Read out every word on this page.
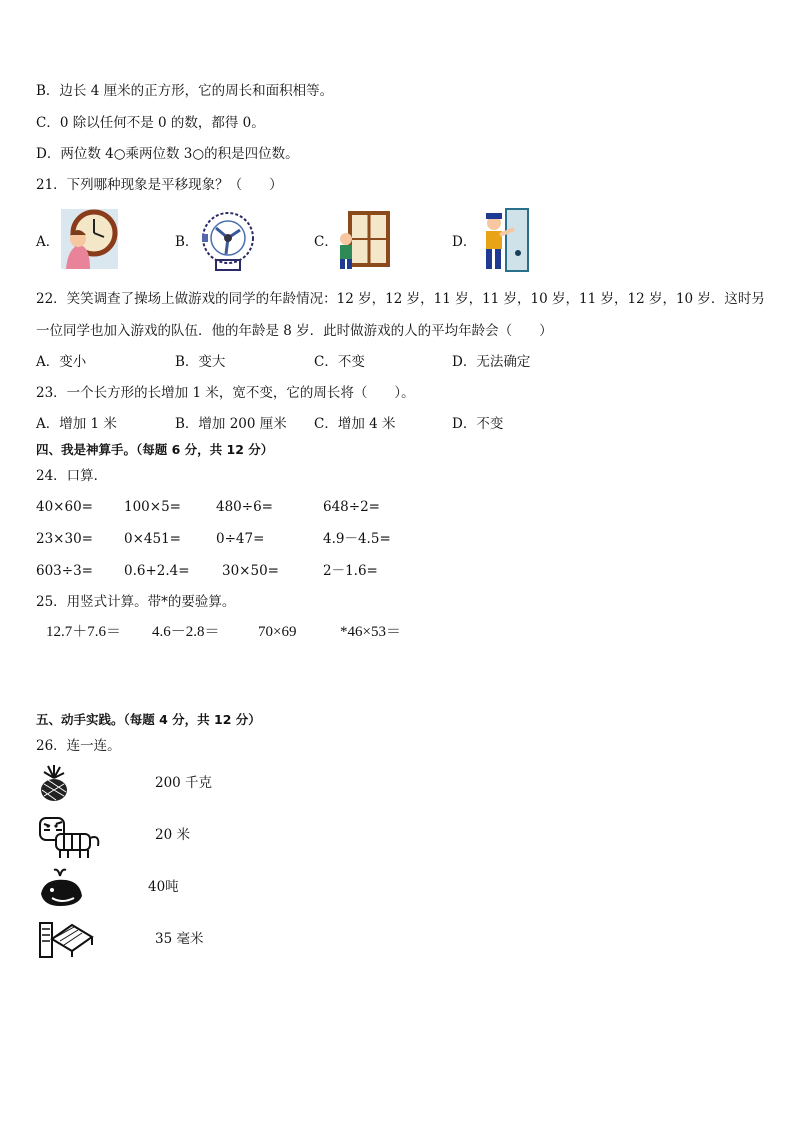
B．边长 4 厘米的正方形，它的周长和面积相等。
C．0 除以任何不是 0 的数，都得 0。
D．两位数 4○乘两位数 3○的积是四位数。
21．下列哪种现象是平移现象？（　　）
A．	B．	C．	D．
22．笑笑调查了操场上做游戏的同学的年龄情况：12 岁，12 岁，11 岁，11 岁，10 岁，11 岁，12 岁，10 岁．这时另
一位同学也加入游戏的队伍．他的年龄是 8 岁．此时做游戏的人的平均年龄会（　　）
A．变小	B．变大	C．不变	D．无法确定
23．一个长方形的长增加 1 米，宽不变，它的周长将（　　）。
A．增加 1 米	B．增加 200 厘米 C．增加 4 米	D．不变
四、我是神算手。（每题 6 分，共 12 分）
24．口算．
40×60= 100×5=	480÷6=	648÷2=
23×30= 0×451=	0÷47=	4.9－4.5=
603÷3= 0.6+2.4= 30×50=	2－1.6=
25．用竖式计算。带*的要验算。
12.7＋7.6＝ 4.6－2.8＝	70×69	*46×53＝
五、动手实践。（每题 4 分，共 12 分）
26．连一连。
200 千克
20 米
40吨
35 毫米
